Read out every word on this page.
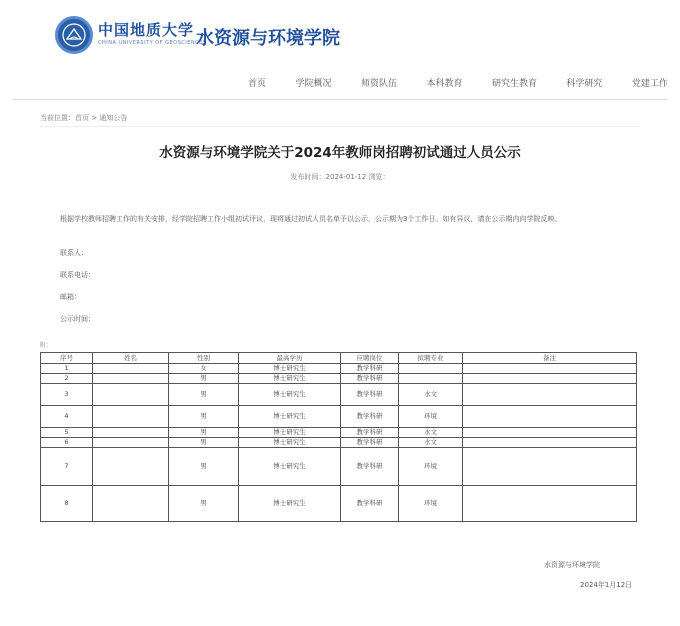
中国地质大学
CHINA UNIVERSITY OF GEOSCIENCES
水资源与环境学院
首页	学院概况	师资队伍	本科教育	研究生教育	科学研究	党建工作
当前位置：首页 > 通知公告
水资源与环境学院关于2024年教师岗招聘初试通过人员公示
发布时间：2024-01-12 浏览：
根据学校教师招聘工作的有关安排，经学院招聘工作小组初试评议，现将通过初试人员名单予以公示，公示期为3个工作日。如有异议，请在公示期内向学院反映。
联系人：
联系电话：
邮箱：
公示时间：
附：
序号	姓名	性别	最高学历	应聘岗位	拟聘专业	备注
1		女	博士研究生	教学科研		
2		男	博士研究生	教学科研		
3		男	博士研究生	教学科研	水文	
4		男	博士研究生	教学科研	环境	
5		男	博士研究生	教学科研	水文	
6		男	博士研究生	教学科研	水文	
7		男	博士研究生	教学科研	环境	
8		男	博士研究生	教学科研	环境	
水资源与环境学院
2024年1月12日
